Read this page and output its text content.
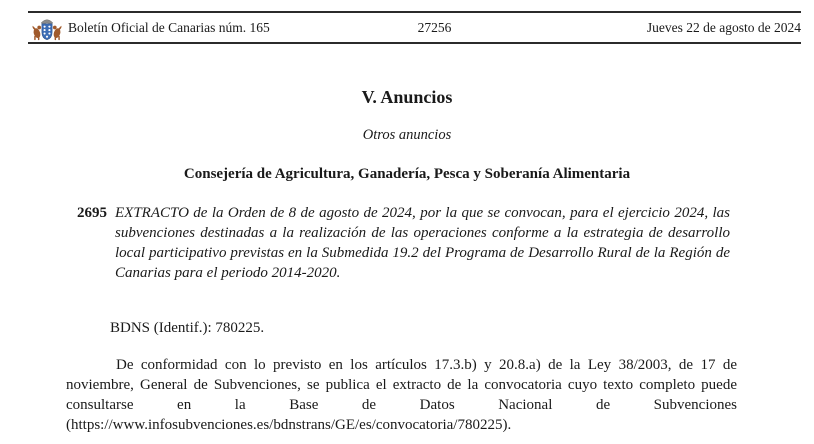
Boletín Oficial de Canarias núm. 165	27256	Jueves 22 de agosto de 2024
V. Anuncios
Otros anuncios
Consejería de Agricultura, Ganadería, Pesca y Soberanía Alimentaria
2695 EXTRACTO de la Orden de 8 de agosto de 2024, por la que se convocan, para el ejercicio 2024, las subvenciones destinadas a la realización de las operaciones conforme a la estrategia de desarrollo local participativo previstas en la Submedida 19.2 del Programa de Desarrollo Rural de la Región de Canarias para el periodo 2014-2020.

BDNS (Identif.): 780225.

De conformidad con lo previsto en los artículos 17.3.b) y 20.8.a) de la Ley 38/2003, de 17 de noviembre, General de Subvenciones, se publica el extracto de la convocatoria cuyo texto completo puede consultarse en la Base de Datos Nacional de Subvenciones (https://www.infosubvenciones.es/bdnstrans/GE/es/convocatoria/780225).
